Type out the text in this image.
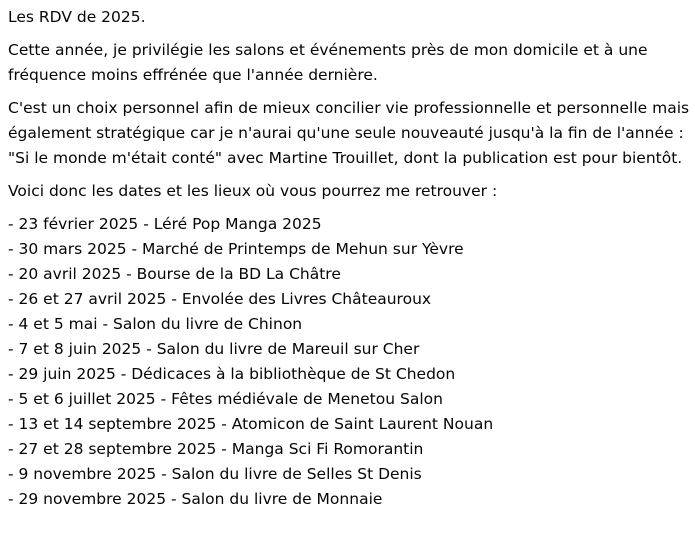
Les RDV de 2025.

Cette année, je privilégie les salons et événements près de mon domicile et à une fréquence moins effrénée que l'année dernière.

C'est un choix personnel afin de mieux concilier vie professionnelle et personnelle mais également stratégique car je n'aurai qu'une seule nouveauté jusqu'à la fin de l'année : "Si le monde m'était conté" avec Martine Trouillet, dont la publication est pour bientôt.

Voici donc les dates et les lieux où vous pourrez me retrouver :

- 23 février 2025 - Léré Pop Manga 2025
- 30 mars 2025 - Marché de Printemps de Mehun sur Yèvre
- 20 avril 2025 - Bourse de la BD La Châtre
- 26 et 27 avril 2025 - Envolée des Livres Châteauroux
- 4 et 5 mai - Salon du livre de Chinon
- 7 et 8 juin 2025 - Salon du livre de Mareuil sur Cher
- 29 juin 2025 - Dédicaces à la bibliothèque de St Chedon
- 5 et 6 juillet 2025 - Fêtes médiévale de Menetou Salon
- 13 et 14 septembre 2025 - Atomicon de Saint Laurent Nouan
- 27 et 28 septembre 2025 - Manga Sci Fi Romorantin
- 9 novembre 2025 - Salon du livre de Selles St Denis
- 29 novembre 2025 - Salon du livre de Monnaie
